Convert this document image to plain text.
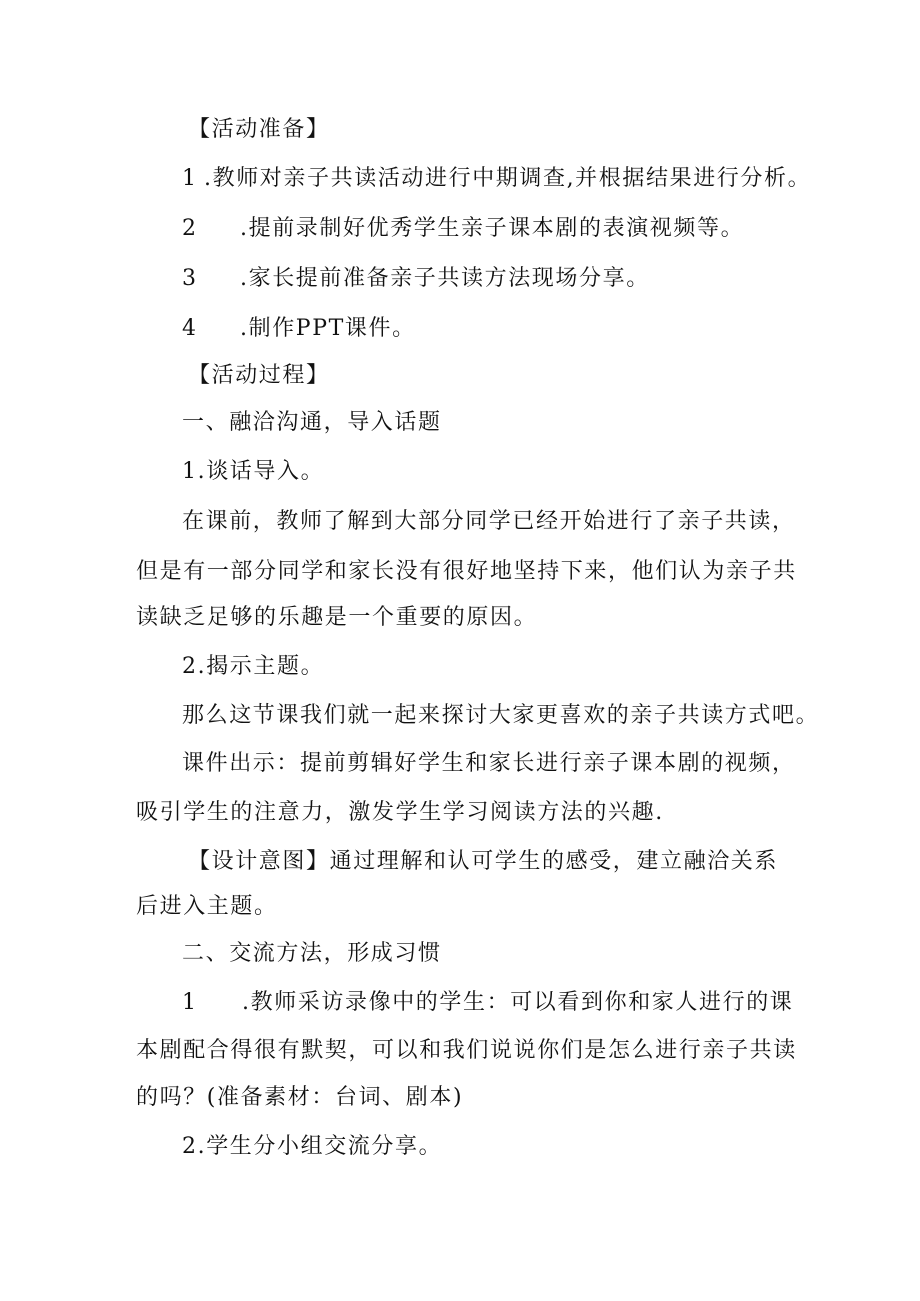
【活动准备】
1 .教师对亲子共读活动进行中期调查,并根据结果进行分析。
2 .提前录制好优秀学生亲子课本剧的表演视频等。
3 .家长提前准备亲子共读方法现场分享。
4 .制作PPT课件。
【活动过程】
一、融洽沟通，导入话题
1.谈话导入。
在课前，教师了解到大部分同学已经开始进行了亲子共读，
但是有一部分同学和家长没有很好地坚持下来，他们认为亲子共
读缺乏足够的乐趣是一个重要的原因。
2.揭示主题。
那么这节课我们就一起来探讨大家更喜欢的亲子共读方式吧。
课件出示：提前剪辑好学生和家长进行亲子课本剧的视频，
吸引学生的注意力，激发学生学习阅读方法的兴趣.
【设计意图】通过理解和认可学生的感受，建立融洽关系
后进入主题。
二、交流方法，形成习惯
1 .教师采访录像中的学生：可以看到你和家人进行的课
本剧配合得很有默契，可以和我们说说你们是怎么进行亲子共读
的吗？(准备素材：台词、剧本)
2.学生分小组交流分享。
